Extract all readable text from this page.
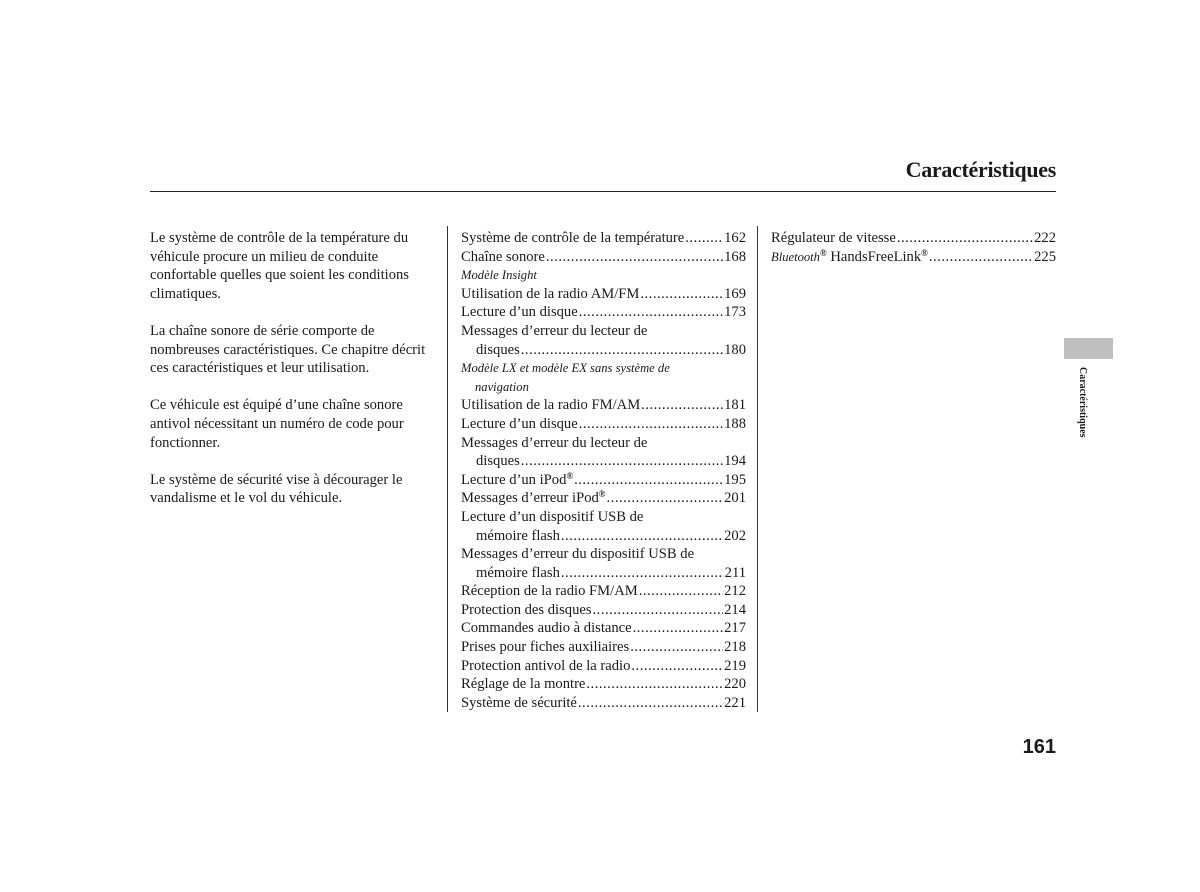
Caractéristiques

Le système de contrôle de la température du véhicule procure un milieu de conduite confortable quelles que soient les conditions climatiques.

La chaîne sonore de série comporte de nombreuses caractéristiques. Ce chapitre décrit ces caractéristiques et leur utilisation.

Ce véhicule est équipé d’une chaîne sonore antivol nécessitant un numéro de code pour fonctionner.

Le système de sécurité vise à décourager le vandalisme et le vol du véhicule.

Système de contrôle de la température .....	162
Chaîne sonore .....	168
Modèle Insight
Utilisation de la radio AM/FM .....	169
Lecture d’un disque .....	173
Messages d’erreur du lecteur de
disques .....	180
Modèle LX et modèle EX sans système de
navigation
Utilisation de la radio FM/AM .....	181
Lecture d’un disque .....	188
Messages d’erreur du lecteur de
disques .....	194
Lecture d’un iPod® .....	195
Messages d’erreur iPod® .....	201
Lecture d’un dispositif USB de
mémoire flash .....	202
Messages d’erreur du dispositif USB de
mémoire flash .....	211
Réception de la radio FM/AM .....	212
Protection des disques .....	214
Commandes audio à distance .....	217
Prises pour fiches auxiliaires .....	218
Protection antivol de la radio .....	219
Réglage de la montre .....	220
Système de sécurité .....	221
Régulateur de vitesse .....	222
Bluetooth® HandsFreeLink® .....	225
Caractéristiques
161
